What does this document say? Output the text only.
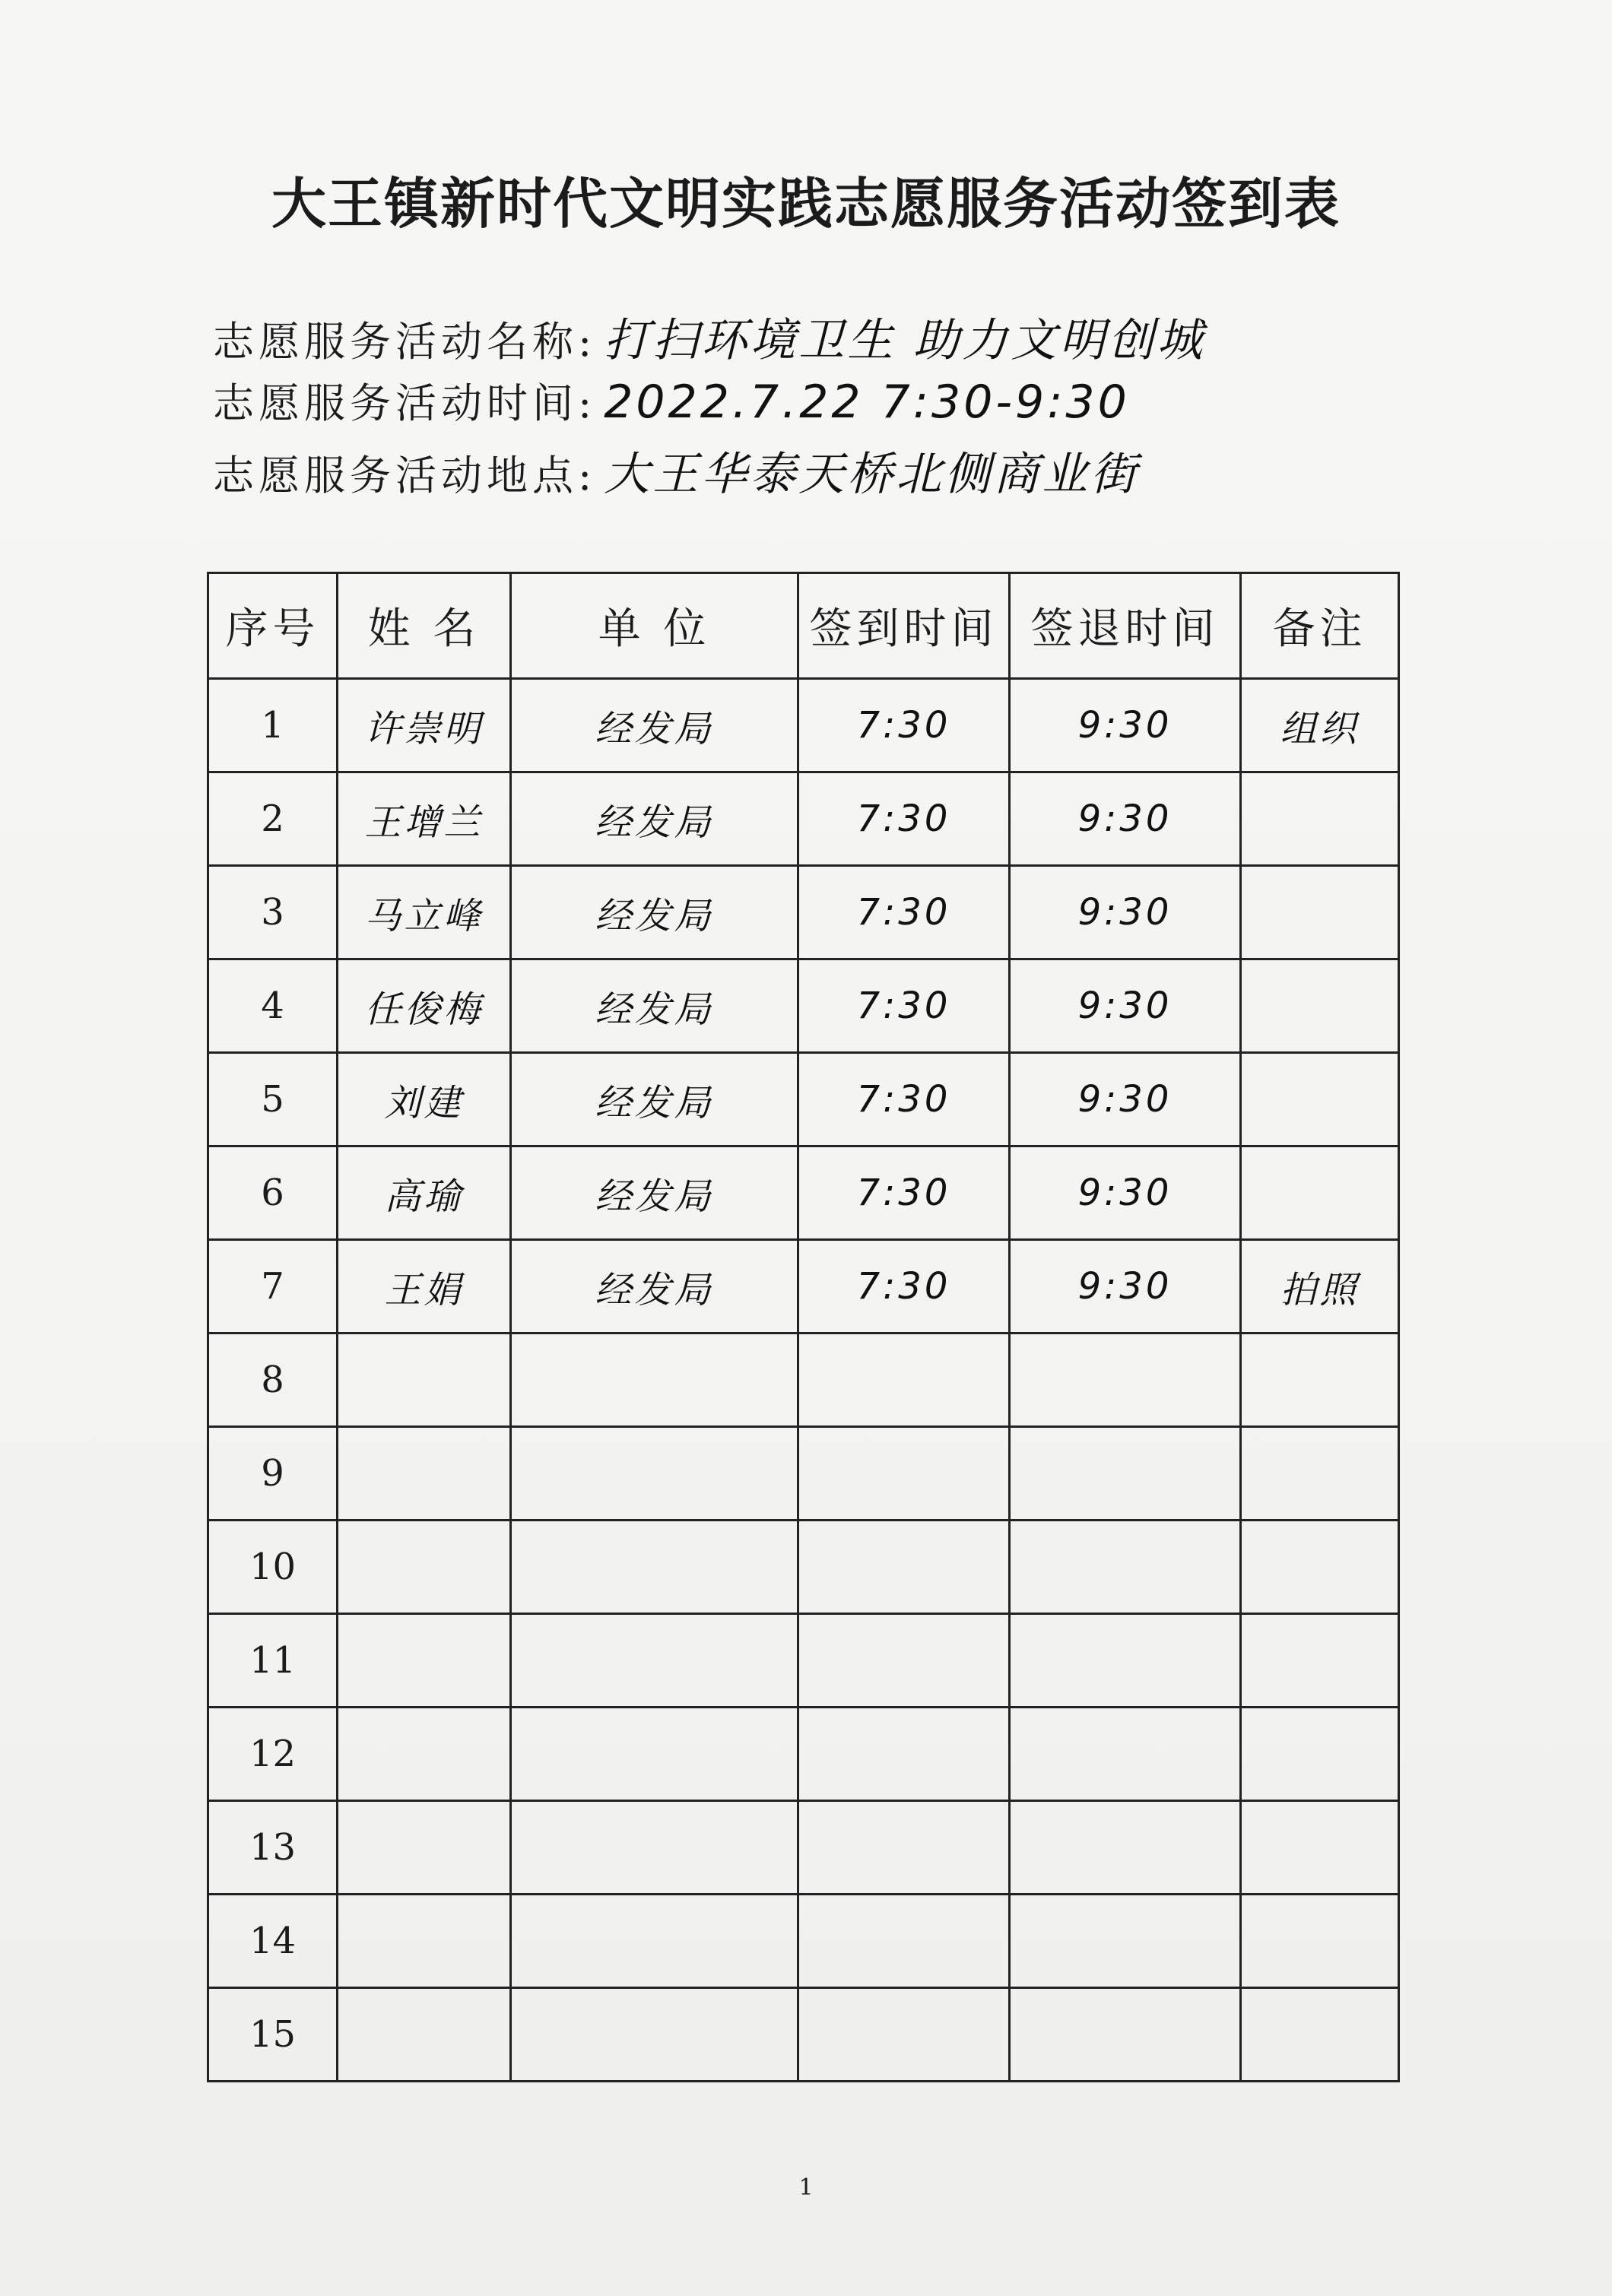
大王镇新时代文明实践志愿服务活动签到表
志愿服务活动名称: 打扫环境卫生 助力文明创城
志愿服务活动时间: 2022.7.22 7:30-9:30
志愿服务活动地点: 大王华泰天桥北侧商业街
序号	姓 名	单 位	签到时间	签退时间	备注
1	许崇明	经发局	7:30	9:30	组织
2	王增兰	经发局	7:30	9:30	
3	马立峰	经发局	7:30	9:30	
4	任俊梅	经发局	7:30	9:30	
5	刘建	经发局	7:30	9:30	
6	高瑜	经发局	7:30	9:30	
7	王娟	经发局	7:30	9:30	拍照
8					
9					
10					
11					
12					
13					
14					
15					
1
